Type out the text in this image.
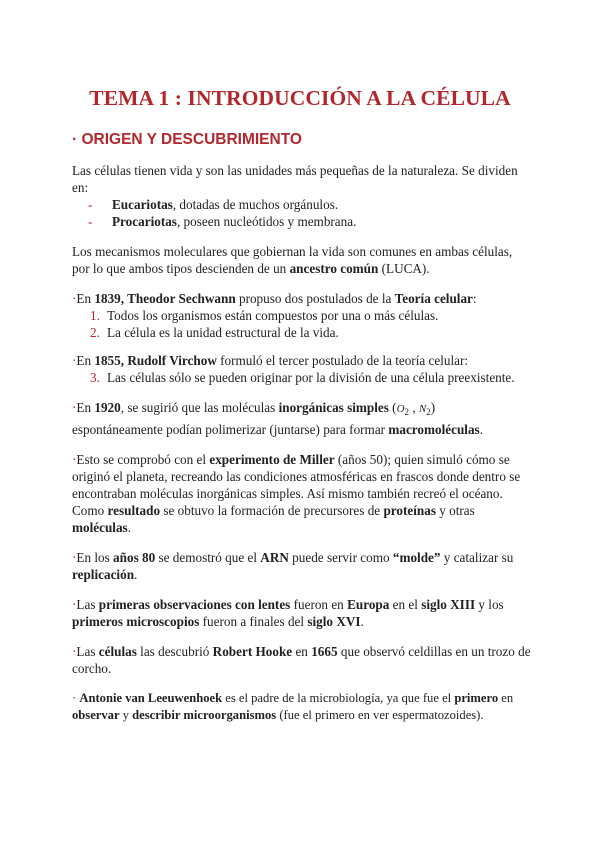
TEMA 1 : INTRODUCCIÓN A LA CÉLULA
· ORIGEN Y DESCUBRIMIENTO

Las células tienen vida y son las unidades más pequeñas de la naturaleza. Se dividen en:

- Eucariotas, dotadas de muchos orgánulos.
- Procariotas, poseen nucleótidos y membrana.

Los mecanismos moleculares que gobiernan la vida son comunes en ambas células, por lo que ambos tipos descienden de un ancestro común (LUCA).

·En 1839, Theodor Sechwann propuso dos postulados de la Teoría celular:

1. Todos los organismos están compuestos por una o más células.
2. La célula es la unidad estructural de la vida.

·En 1855, Rudolf Virchow formuló el tercer postulado de la teoría celular:

3. Las células sólo se pueden originar por la división de una célula preexistente.

·En 1920, se sugirió que las moléculas inorgánicas simples ($O_2$ , $N_2$)
espontáneamente podían polimerizar (juntarse) para formar macromoléculas.

·Esto se comprobó con el experimento de Miller (años 50); quien simuló cómo se originó el planeta, recreando las condiciones atmosféricas en frascos donde dentro se encontraban moléculas inorgánicas simples. Así mismo también recreó el océano. Como resultado se obtuvo la formación de precursores de proteínas y otras moléculas.

·En los años 80 se demostró que el ARN puede servir como “molde” y catalizar su replicación.

·Las primeras observaciones con lentes fueron en Europa en el siglo XIII y los primeros microscopios fueron a finales del siglo XVI.

·Las células las descubrió Robert Hooke en 1665 que observó celdillas en un trozo de corcho.

· Antonie van Leeuwenhoek es el padre de la microbiología, ya que fue el primero en observar y describir microorganismos (fue el primero en ver espermatozoides).
